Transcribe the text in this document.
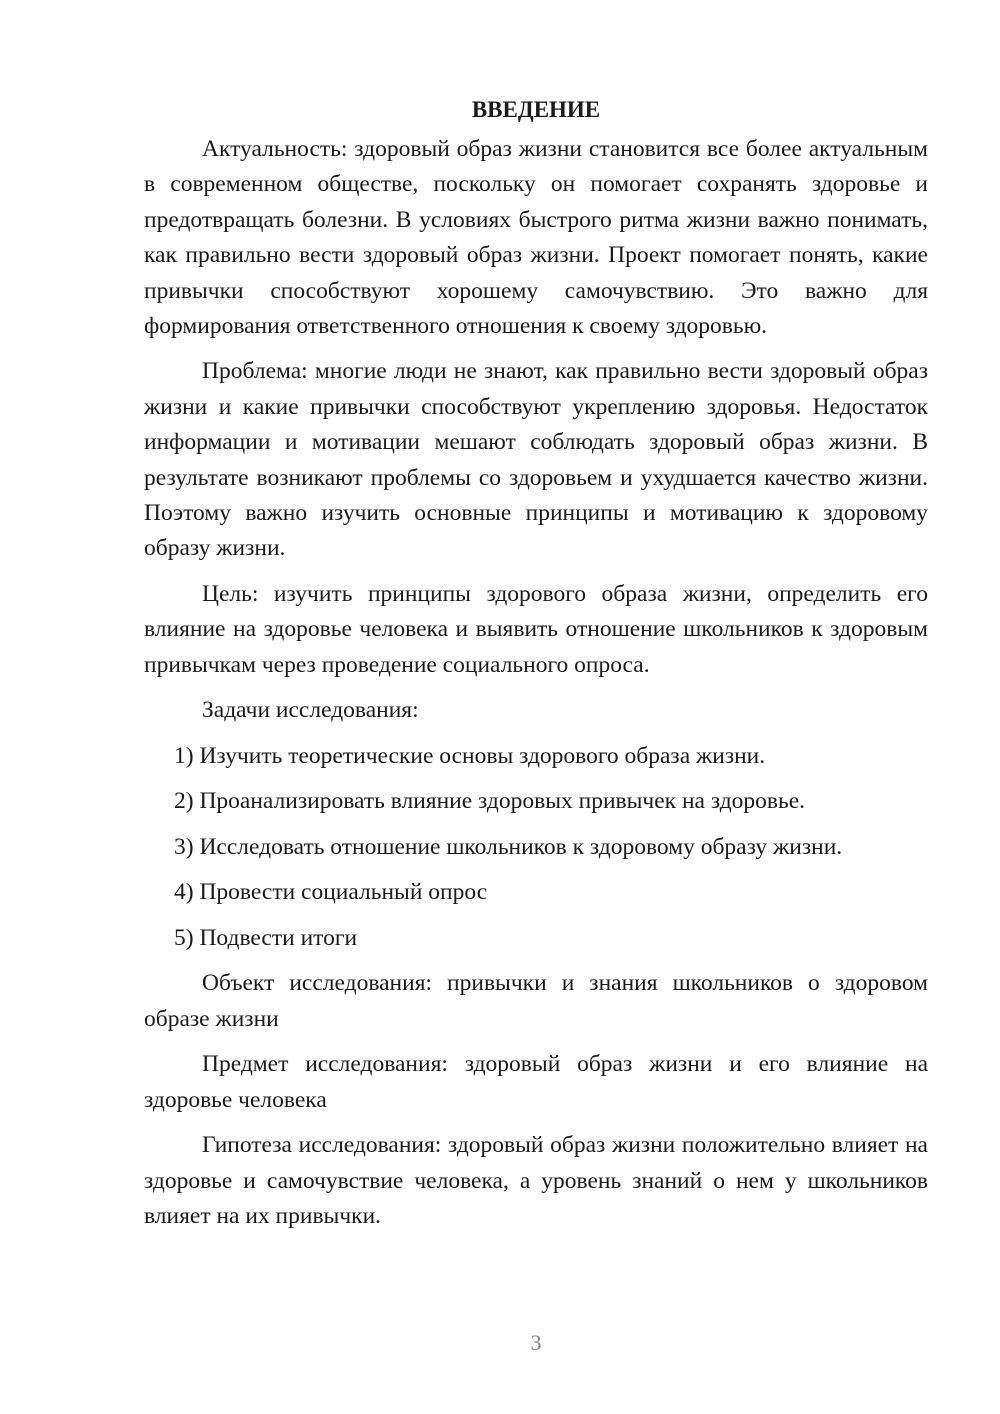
ВВЕДЕНИЕ

Актуальность: здоровый образ жизни становится все более актуальным в современном обществе, поскольку он помогает сохранять здоровье и предотвращать болезни. В условиях быстрого ритма жизни важно понимать, как правильно вести здоровый образ жизни. Проект помогает понять, какие привычки способствуют хорошему самочувствию. Это важно для формирования ответственного отношения к своему здоровью.

Проблема: многие люди не знают, как правильно вести здоровый образ жизни и какие привычки способствуют укреплению здоровья. Недостаток информации и мотивации мешают соблюдать здоровый образ жизни. В результате возникают проблемы со здоровьем и ухудшается качество жизни. Поэтому важно изучить основные принципы и мотивацию к здоровому образу жизни.

Цель: изучить принципы здорового образа жизни, определить его влияние на здоровье человека и выявить отношение школьников к здоровым привычкам через проведение социального опроса.

Задачи исследования:

1) Изучить теоретические основы здорового образа жизни.
2) Проанализировать влияние здоровых привычек на здоровье.
3) Исследовать отношение школьников к здоровому образу жизни.
4) Провести социальный опрос
5) Подвести итоги

Объект исследования: привычки и знания школьников о здоровом образе жизни

Предмет исследования: здоровый образ жизни и его влияние на здоровье человека

Гипотеза исследования: здоровый образ жизни положительно влияет на здоровье и самочувствие человека, а уровень знаний о нем у школьников влияет на их привычки.

3
